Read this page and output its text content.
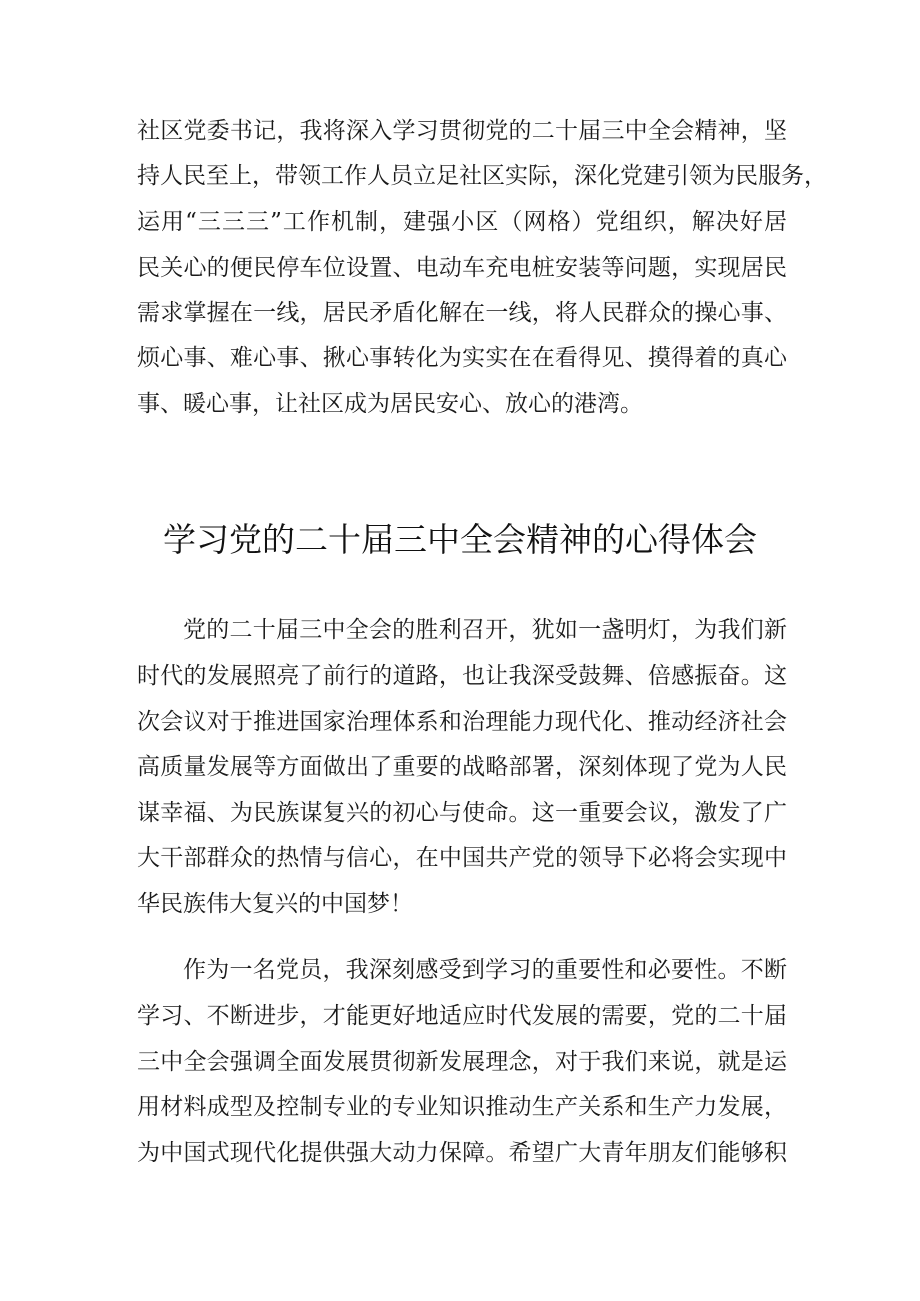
社区党委书记，我将深入学习贯彻党的二十届三中全会精神，坚
持人民至上，带领工作人员立足社区实际，深化党建引领为民服务，
运用“三三三”工作机制，建强小区（网格）党组织，解决好居
民关心的便民停车位设置、电动车充电桩安装等问题，实现居民
需求掌握在一线，居民矛盾化解在一线，将人民群众的操心事、
烦心事、难心事、揪心事转化为实实在在看得见、摸得着的真心
事、暖心事，让社区成为居民安心、放心的港湾。
学习党的二十届三中全会精神的心得体会
党的二十届三中全会的胜利召开，犹如一盏明灯，为我们新
时代的发展照亮了前行的道路，也让我深受鼓舞、倍感振奋。这
次会议对于推进国家治理体系和治理能力现代化、推动经济社会
高质量发展等方面做出了重要的战略部署，深刻体现了党为人民
谋幸福、为民族谋复兴的初心与使命。这一重要会议，激发了广
大干部群众的热情与信心，在中国共产党的领导下必将会实现中
华民族伟大复兴的中国梦！
作为一名党员，我深刻感受到学习的重要性和必要性。不断
学习、不断进步，才能更好地适应时代发展的需要，党的二十届
三中全会强调全面发展贯彻新发展理念，对于我们来说，就是运
用材料成型及控制专业的专业知识推动生产关系和生产力发展，
为中国式现代化提供强大动力保障。希望广大青年朋友们能够积
